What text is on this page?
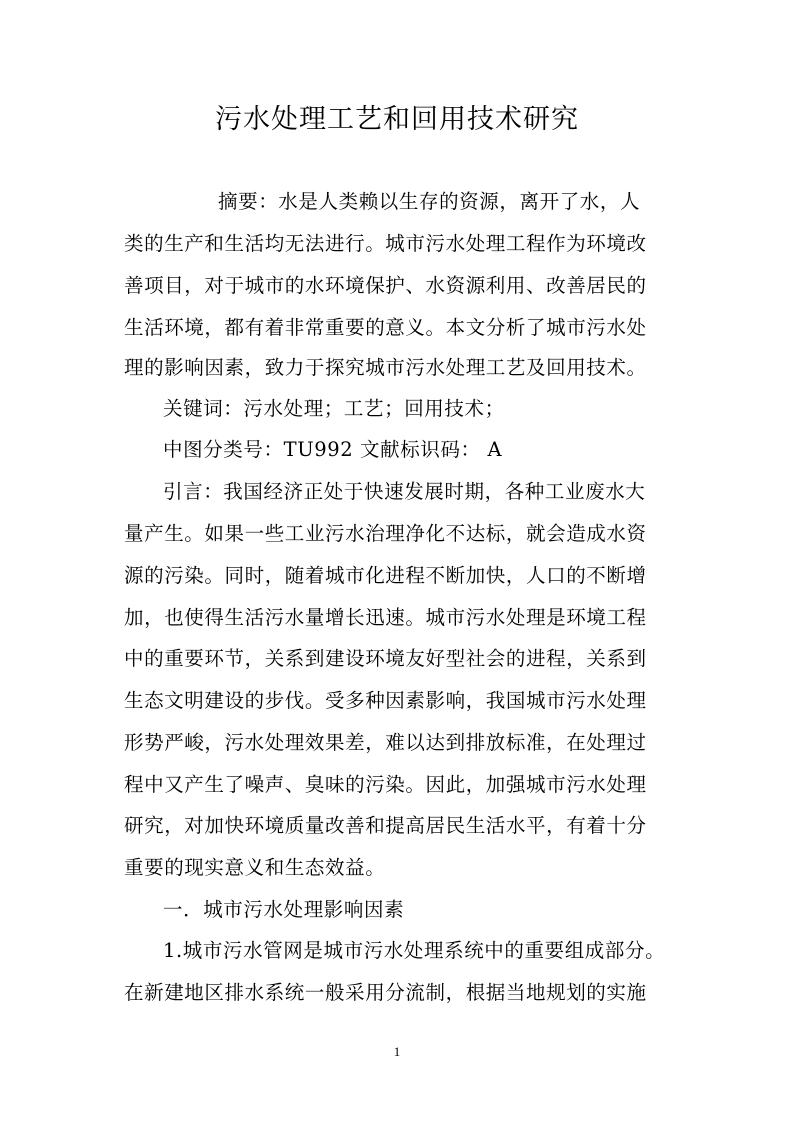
污水处理工艺和回用技术研究
摘要：水是人类赖以生存的资源，离开了水，人
类的生产和生活均无法进行。城市污水处理工程作为环境改
善项目，对于城市的水环境保护、水资源利用、改善居民的
生活环境，都有着非常重要的意义。本文分析了城市污水处
理的影响因素，致力于探究城市污水处理工艺及回用技术。
关键词：污水处理；工艺；回用技术；
中图分类号：TU992 文献标识码： A
引言：我国经济正处于快速发展时期，各种工业废水大
量产生。如果一些工业污水治理净化不达标，就会造成水资
源的污染。同时，随着城市化进程不断加快，人口的不断增
加，也使得生活污水量增长迅速。城市污水处理是环境工程
中的重要环节，关系到建设环境友好型社会的进程，关系到
生态文明建设的步伐。受多种因素影响，我国城市污水处理
形势严峻，污水处理效果差，难以达到排放标准，在处理过
程中又产生了噪声、臭味的污染。因此，加强城市污水处理
研究，对加快环境质量改善和提高居民生活水平，有着十分
重要的现实意义和生态效益。
一．城市污水处理影响因素
1.城市污水管网是城市污水处理系统中的重要组成部分。
在新建地区排水系统一般采用分流制，根据当地规划的实施
1
